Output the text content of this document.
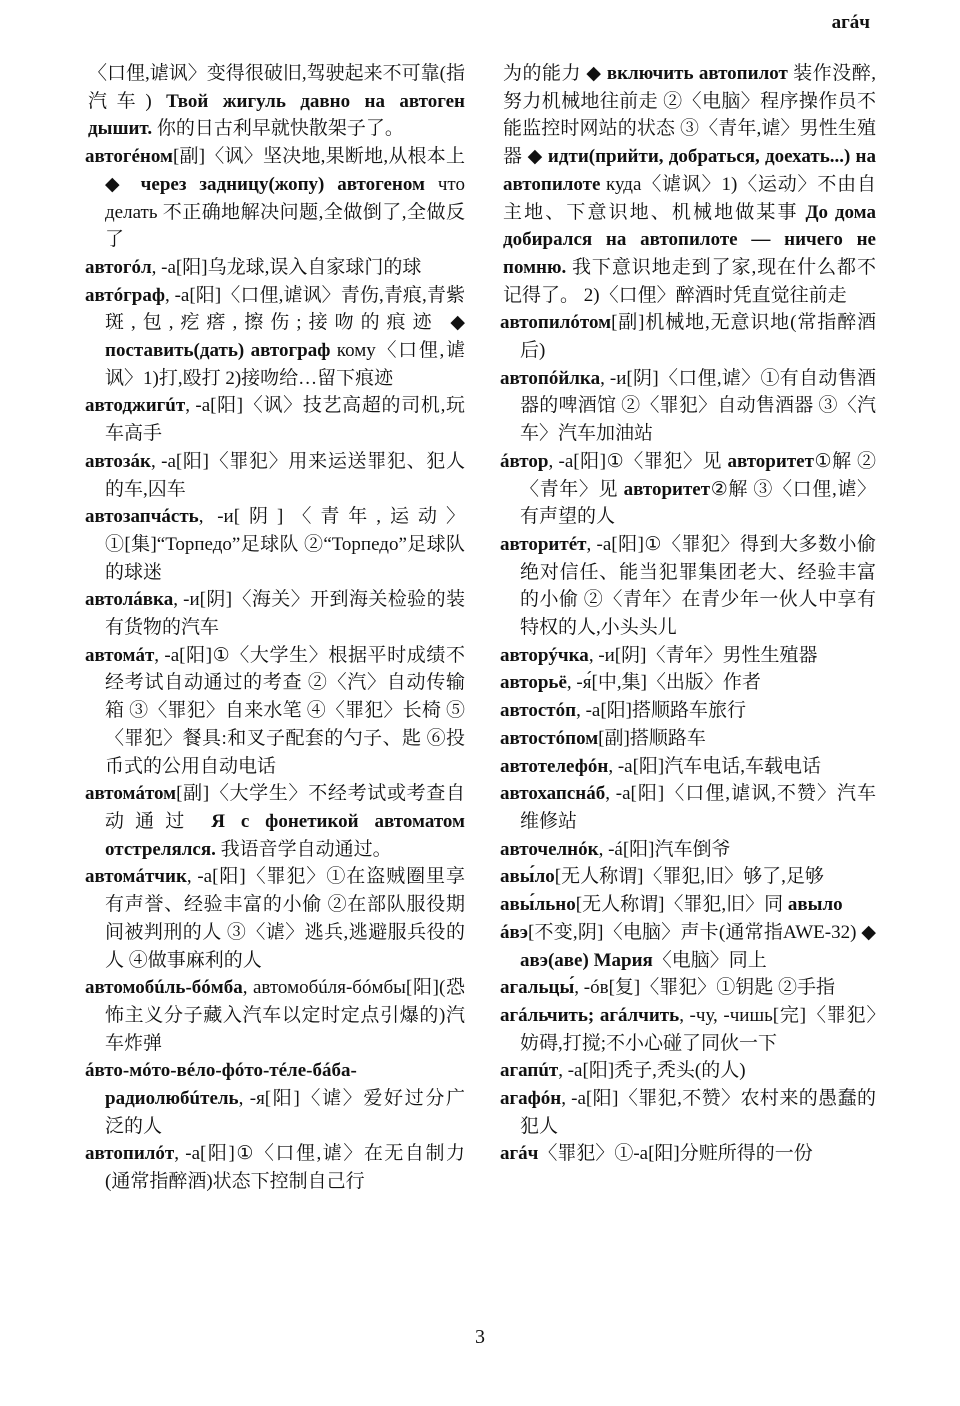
агáч

〈口俚,谑讽〉变得很破旧,驾驶起来不可靠(指汽车) Твой жигуль давно на автоген дышит. 你的日古利早就快散架子了。

автогéном[副]〈讽〉坚决地,果断地,从根本上 ◆ через задницу(жопу) автогеном что делать 不正确地解决问题,全做倒了,全做反了

автогóл, -а[阳]乌龙球,误入自家球门的球

автóграф, -а[阳]〈口俚,谑讽〉青伤,青痕,青紫斑,包,疙瘩,擦伤;接吻的痕迹 ◆ поставить(дать) автограф кому〈口俚,谑讽〉1)打,殴打 2)接吻给…留下痕迹

автоджигúт, -а[阳]〈讽〉技艺高超的司机,玩车高手

автозáк, -а[阳]〈罪犯〉用来运送罪犯、犯人的车,囚车

автозапчáсть, -и[阴]〈青年,运动〉①[集]“Торпедо”足球队 ②“Торпедо”足球队的球迷

автолáвка, -и[阴]〈海关〉开到海关检验的装有货物的汽车

автомáт, -а[阳]①〈大学生〉根据平时成绩不经考试自动通过的考查 ②〈汽〉自动传输箱 ③〈罪犯〉自来水笔 ④〈罪犯〉长椅 ⑤〈罪犯〉餐具:和叉子配套的勺子、匙 ⑥投币式的公用自动电话

автомáтом[副]〈大学生〉不经考试或考查自动通过 Я с фонетикой автоматом отстрелялся. 我语音学自动通过。

автомáтчик, -а[阳]〈罪犯〉①在盗贼圈里享有声誉、经验丰富的小偷 ②在部队服役期间被判刑的人 ③〈谑〉逃兵,逃避服兵役的人 ④做事麻利的人

автомобúль-бóмба, автомобúля-бóмбы[阳](恐怖主义分子藏入汽车以定时定点引爆的)汽车炸弹

áвто-мóто-вéло-фóто-тéле-бáба-радиолюбúтель, -я[阳]〈谑〉爱好过分广泛的人

автопилóт, -а[阳]①〈口俚,谑〉在无自制力(通常指醉酒)状态下控制自己行

为的能力 ◆ включить автопилот 装作没醉,努力机械地往前走 ②〈电脑〉程序操作员不能监控时网站的状态 ③〈青年,谑〉男性生殖器 ◆ идти(прийти, добраться, доехать...) на автопилоте куда〈谑讽〉1)〈运动〉不由自主地、下意识地、机械地做某事 До дома добирался на автопилоте — ничего не помню. 我下意识地走到了家,现在什么都不记得了。 2)〈口俚〉醉酒时凭直觉往前走

автопилóтом[副]机械地,无意识地(常指醉酒后)

автопóйлка, -и[阴]〈口俚,谑〉①有自动售酒器的啤酒馆 ②〈罪犯〉自动售酒器 ③〈汽车〉汽车加油站

áвтор, -а[阳]①〈罪犯〉见 авторитет①解 ②〈青年〉见 авторитет②解 ③〈口俚,谑〉有声望的人

авторитéт, -а[阳]①〈罪犯〉得到大多数小偷绝对信任、能当犯罪集团老大、经验丰富的小偷 ②〈青年〉在青少年一伙人中享有特权的人,小头头儿

авторýчка, -и[阴]〈青年〉男性生殖器

авторьё, -я́[中,集]〈出版〉作者

автостóп, -а[阳]搭顺路车旅行

автостóпом[副]搭顺路车

автотелефóн, -а[阳]汽车电话,车载电话

автохапснáб, -а[阳]〈口俚,谑讽,不赞〉汽车维修站

авточелнóк, -á[阳]汽车倒爷

авы́ло[无人称谓]〈罪犯,旧〉够了,足够

авы́льно[无人称谓]〈罪犯,旧〉同 авыло

áвэ[不变,阴]〈电脑〉声卡(通常指AWE-32) ◆ авэ(аве) Мария〈电脑〉同上

агальцы́, -óв[复]〈罪犯〉①钥匙 ②手指

агáльчить; агáлчить, -чу, -чишь[完]〈罪犯〉妨碍,打搅;不小心碰了同伙一下

агапúт, -а[阳]秃子,秃头(的人)

агафóн, -а[阳]〈罪犯,不赞〉农村来的愚蠢的犯人

агáч〈罪犯〉①-а[阳]分赃所得的一份

3
